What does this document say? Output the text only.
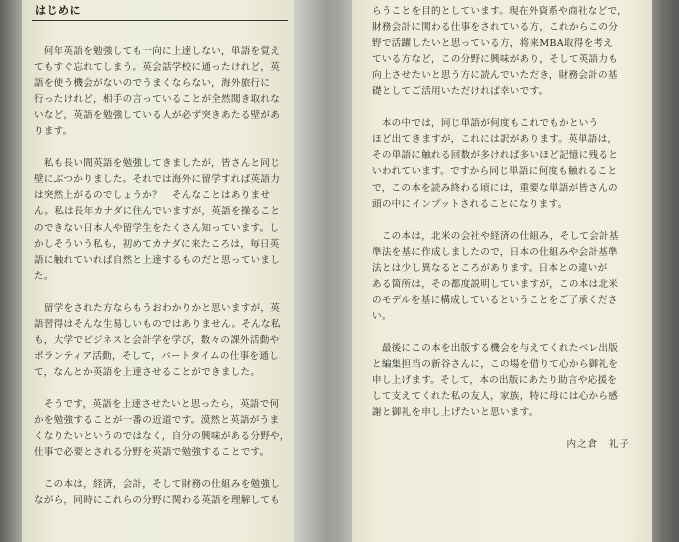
はじめに
　何年英語を勉強しても一向に上達しない，単語を覚え
てもすぐ忘れてしまう。英会話学校に通ったけれど，英
語を使う機会がないのでうまくならない，海外旅行に
行ったけれど，相手の言っていることが全然聞き取れな
いなど，英語を勉強している人が必ず突きあたる壁があ
ります。
　私も長い間英語を勉強してきましたが，皆さんと同じ
壁にぶつかりました。それでは海外に留学すれば英語力
は突然上がるのでしょうか？　そんなことはありませ
ん。私は長年カナダに住んでいますが，英語を操ること
のできない日本人や留学生をたくさん知っています。し
かしそういう私も，初めてカナダに来たころは，毎日英
語に触れていれば自然と上達するものだと思っていまし
た。
　留学をされた方ならもうおわかりかと思いますが，英
語習得はそんな生易しいものではありません。そんな私
も，大学でビジネスと会計学を学び，数々の課外活動や
ボランティア活動，そして，パートタイムの仕事を通し
て，なんとか英語を上達させることができました。
　そうです，英語を上達させたいと思ったら，英語で何
かを勉強することが一番の近道です。漠然と英語がうま
くなりたいというのではなく，自分の興味がある分野や，
仕事で必要とされる分野を英語で勉強することです。
　この本は，経済，会計，そして財務の仕組みを勉強し
ながら，同時にこれらの分野に関わる英語を理解しても
らうことを目的としています。現在外資系や商社などで，
財務会計に関わる仕事をされている方，これからこの分
野で活躍したいと思っている方，将来MBA取得を考え
ている方など，この分野に興味があり，そして英語力も
向上させたいと思う方に読んでいただき，財務会計の基
礎としてご活用いただければ幸いです。
　本の中では，同じ単語が何度もこれでもかという
ほど出てきますが，これには訳があります。英単語は，
その単語に触れる回数が多ければ多いほど記憶に残ると
いわれています。ですから同じ単語に何度も触れること
で，この本を読み終わる頃には，重要な単語が皆さんの
頭の中にインプットされることになります。
　この本は，北米の会社や経済の仕組み，そして会計基
準法を基に作成しましたので，日本の仕組みや会計基準
法とは少し異なるところがあります。日本との違いが
ある箇所は，その都度説明していますが，この本は北米
のモデルを基に構成しているということをご了承くださ
い。
　最後にこの本を出版する機会を与えてくれたベレ出版
と編集担当の新谷さんに，この場を借りて心から御礼を
申し上げます。そして，本の出版にあたり助言や応援を
して支えてくれた私の友人，家族，特に母には心から感
謝と御礼を申し上げたいと思います。
内之倉　礼子
